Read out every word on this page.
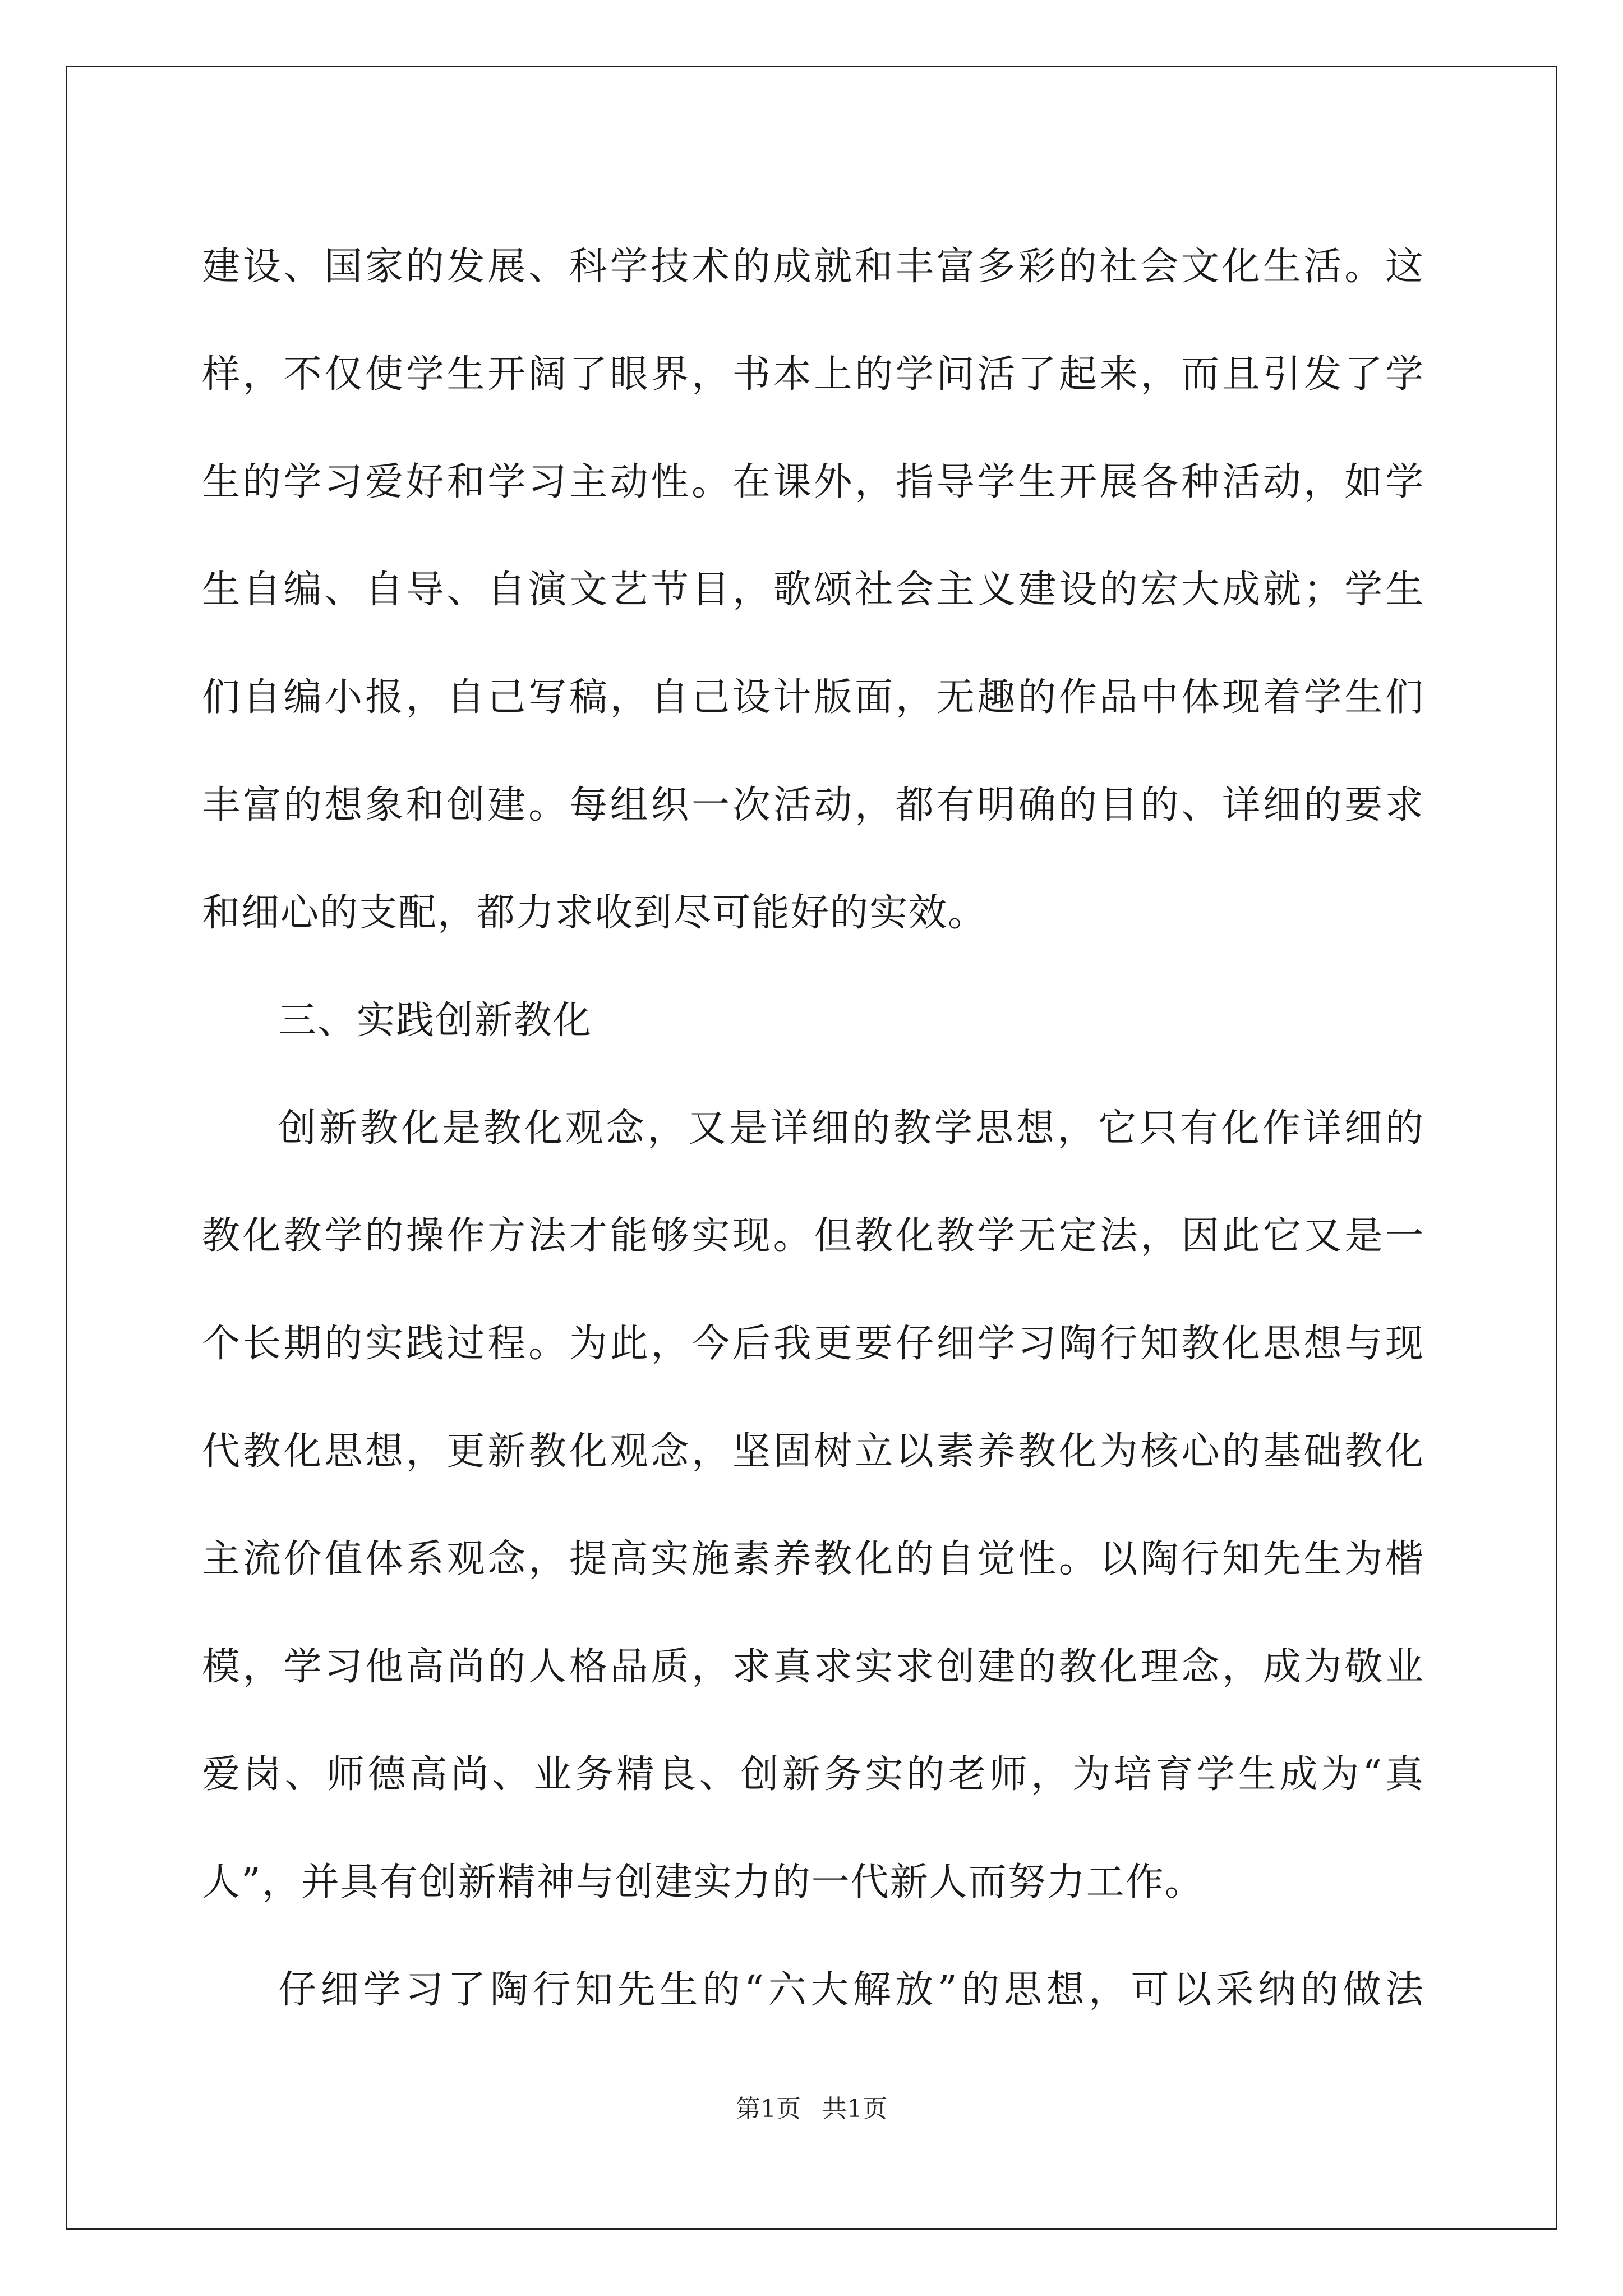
建设、国家的发展、科学技术的成就和丰富多彩的社会文化生活。这
样，不仅使学生开阔了眼界，书本上的学问活了起来，而且引发了学
生的学习爱好和学习主动性。在课外，指导学生开展各种活动，如学
生自编、自导、自演文艺节目，歌颂社会主义建设的宏大成就；学生
们自编小报，自己写稿，自己设计版面，无趣的作品中体现着学生们
丰富的想象和创建。每组织一次活动，都有明确的目的、详细的要求
和细心的支配，都力求收到尽可能好的实效。
三、实践创新教化
创新教化是教化观念，又是详细的教学思想，它只有化作详细的
教化教学的操作方法才能够实现。但教化教学无定法，因此它又是一
个长期的实践过程。为此，今后我更要仔细学习陶行知教化思想与现
代教化思想，更新教化观念，坚固树立以素养教化为核心的基础教化
主流价值体系观念，提高实施素养教化的自觉性。以陶行知先生为楷
模，学习他高尚的人格品质，求真求实求创建的教化理念，成为敬业
爱岗、师德高尚、业务精良、创新务实的老师，为培育学生成为“真
人”，并具有创新精神与创建实力的一代新人而努力工作。
仔细学习了陶行知先生的“六大解放”的思想，可以采纳的做法
第1页 共1页
